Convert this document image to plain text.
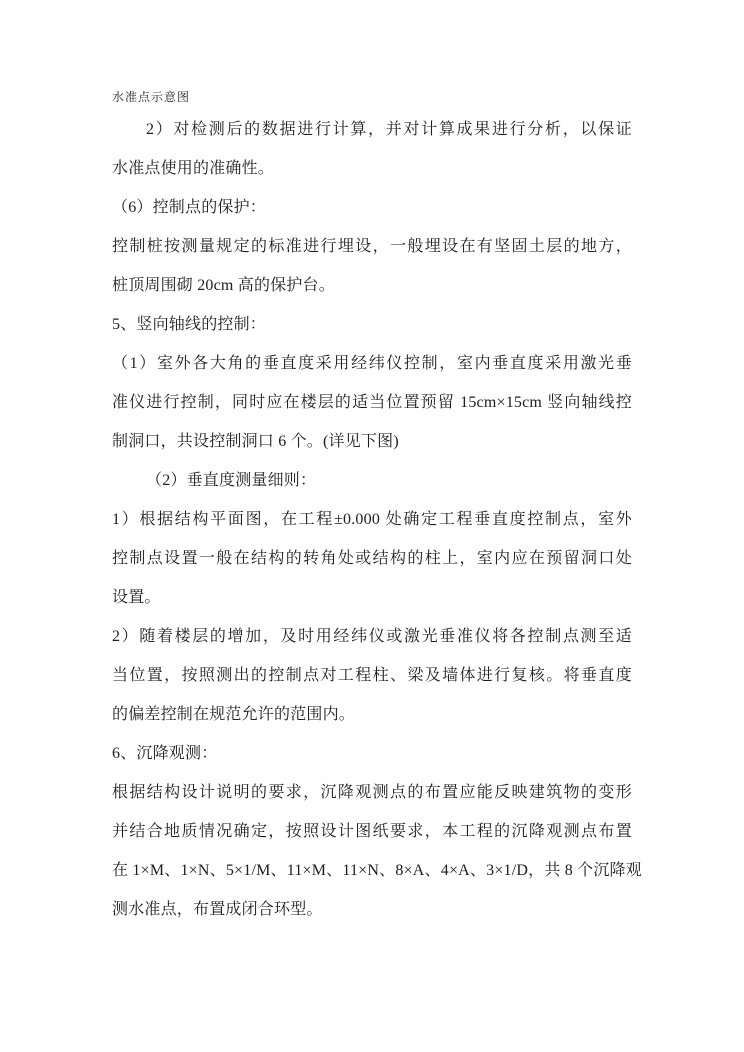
水准点示意图
2）对检测后的数据进行计算，并对计算成果进行分析，以保证
水准点使用的准确性。
（6）控制点的保护：
控制桩按测量规定的标准进行埋设，一般埋设在有坚固土层的地方，
桩顶周围砌 20cm 高的保护台。
5、竖向轴线的控制：
（1）室外各大角的垂直度采用经纬仪控制，室内垂直度采用激光垂
准仪进行控制，同时应在楼层的适当位置预留 15cm×15cm 竖向轴线控
制洞口，共设控制洞口 6 个。(详见下图)
（2）垂直度测量细则：
1）根据结构平面图，在工程±0.000 处确定工程垂直度控制点，室外
控制点设置一般在结构的转角处或结构的柱上，室内应在预留洞口处
设置。
2）随着楼层的增加，及时用经纬仪或激光垂准仪将各控制点测至适
当位置，按照测出的控制点对工程柱、梁及墙体进行复核。将垂直度
的偏差控制在规范允许的范围内。
6、沉降观测：
根据结构设计说明的要求，沉降观测点的布置应能反映建筑物的变形
并结合地质情况确定，按照设计图纸要求，本工程的沉降观测点布置
在 1×M、1×N、5×1/M、11×M、11×N、8×A、4×A、3×1/D，共 8 个沉降观
测水准点，布置成闭合环型。
